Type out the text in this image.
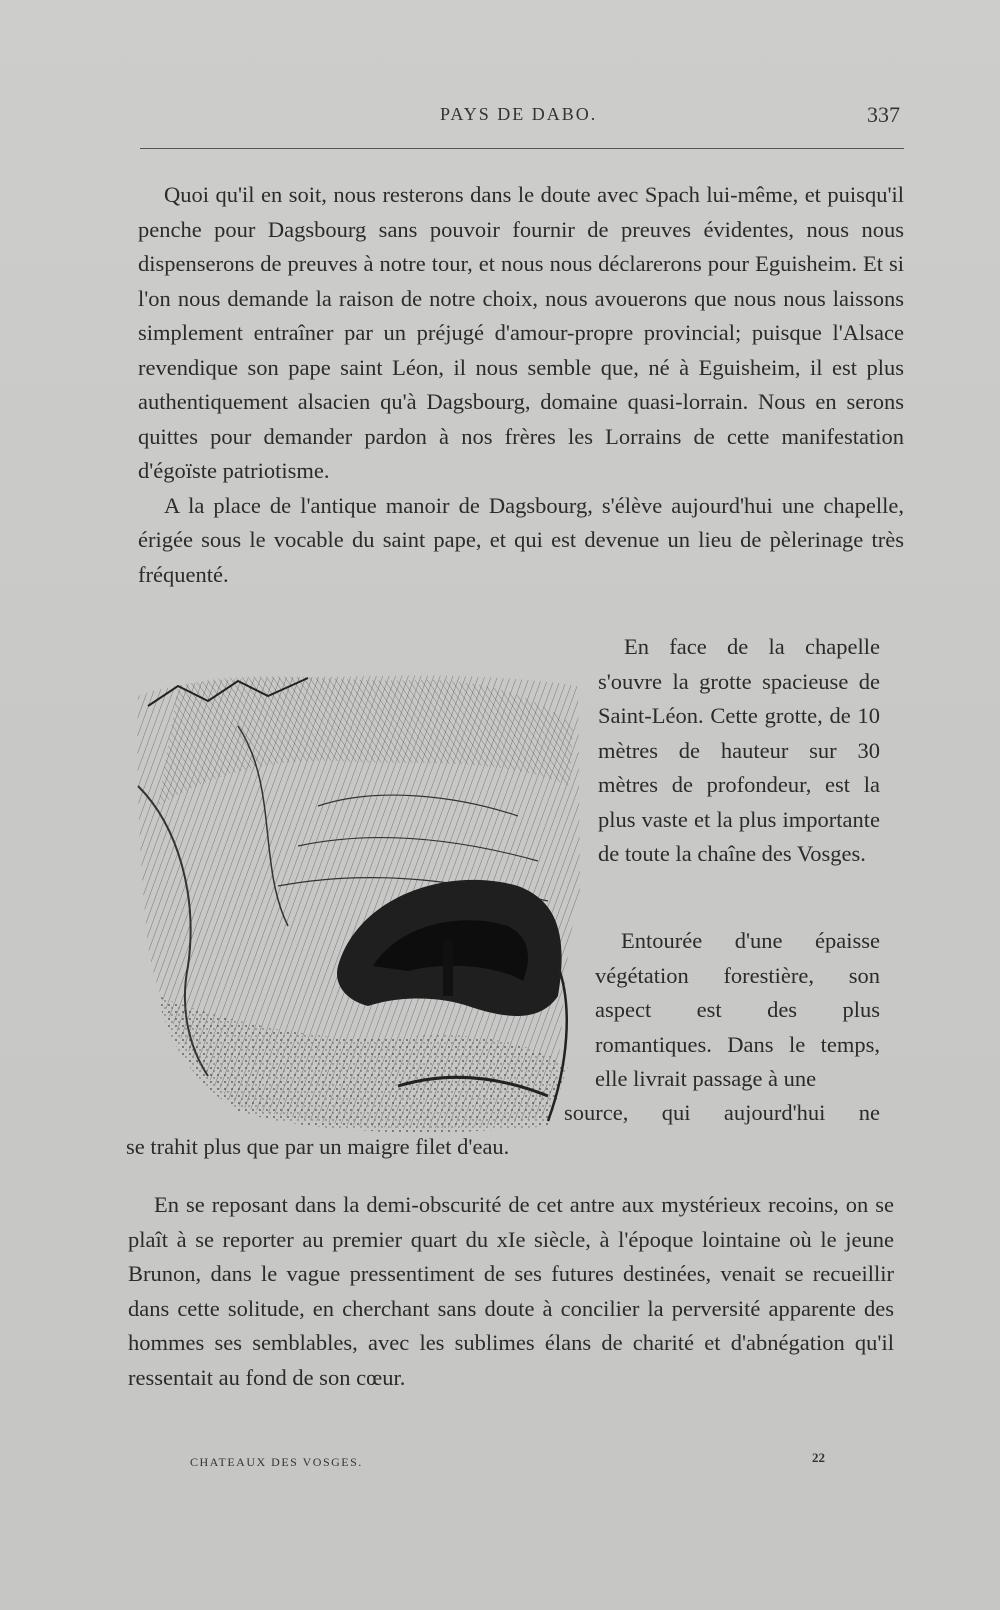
PAYS DE DABO.	337

Quoi qu'il en soit, nous resterons dans le doute avec Spach lui-même, et puisqu'il penche pour Dagsbourg sans pouvoir fournir de preuves évidentes, nous nous dispenserons de preuves à notre tour, et nous nous déclarerons pour Eguisheim. Et si l'on nous demande la raison de notre choix, nous avouerons que nous nous laissons simplement entraîner par un préjugé d'amour-propre provincial; puisque l'Alsace revendique son pape saint Léon, il nous semble que, né à Eguisheim, il est plus authentiquement alsacien qu'à Dagsbourg, domaine quasi-lorrain. Nous en serons quittes pour demander pardon à nos frères les Lorrains de cette manifestation d'égoïste patriotisme.

A la place de l'antique manoir de Dagsbourg, s'élève aujourd'hui une chapelle, érigée sous le vocable du saint pape, et qui est devenue un lieu de pèlerinage très fréquenté.

En face de la chapelle s'ouvre la grotte spacieuse de Saint-Léon. Cette grotte, de 10 mètres de hauteur sur 30 mètres de profondeur, est la plus vaste et la plus importante de toute la chaîne des Vosges.

Entourée d'une épaisse végétation forestière, son aspect est des plus romantiques. Dans le temps, elle livrait passage à une

source, qui aujourd'hui ne

se trahit plus que par un maigre filet d'eau.

En se reposant dans la demi-obscurité de cet antre aux mystérieux recoins, on se plaît à se reporter au premier quart du xIe siècle, à l'époque lointaine où le jeune Brunon, dans le vague pressentiment de ses futures destinées, venait se recueillir dans cette solitude, en cherchant sans doute à concilier la perversité apparente des hommes ses semblables, avec les sublimes élans de charité et d'abnégation qu'il ressentait au fond de son cœur.

CHATEAUX DES VOSGES.	22
